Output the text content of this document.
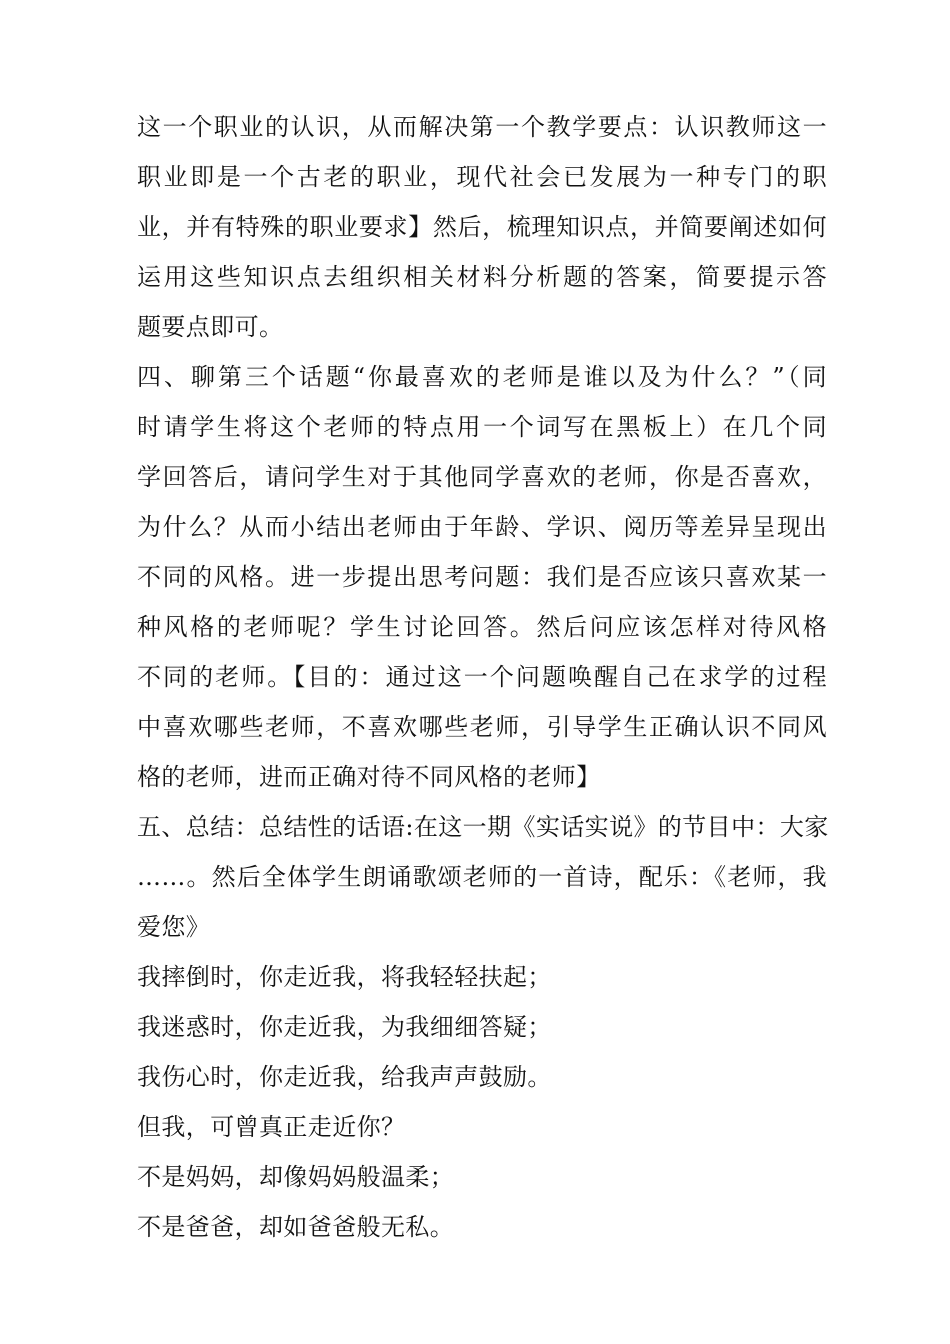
这一个职业的认识，从而解决第一个教学要点：认识教师这一
职业即是一个古老的职业，现代社会已发展为一种专门的职
业，并有特殊的职业要求】然后，梳理知识点，并简要阐述如何
运用这些知识点去组织相关材料分析题的答案，简要提示答
题要点即可。
四、聊第三个话题“你最喜欢的老师是谁以及为什么？”（同
时请学生将这个老师的特点用一个词写在黑板上）在几个同
学回答后，请问学生对于其他同学喜欢的老师，你是否喜欢，
为什么？从而小结出老师由于年龄、学识、阅历等差异呈现出
不同的风格。进一步提出思考问题：我们是否应该只喜欢某一
种风格的老师呢？学生讨论回答。然后问应该怎样对待风格
不同的老师。【目的：通过这一个问题唤醒自己在求学的过程
中喜欢哪些老师，不喜欢哪些老师，引导学生正确认识不同风
格的老师，进而正确对待不同风格的老师】
五、总结：总结性的话语:在这一期《实话实说》的节目中：大家
……。然后全体学生朗诵歌颂老师的一首诗，配乐：《老师，我
爱您》
我摔倒时，你走近我，将我轻轻扶起；
我迷惑时，你走近我，为我细细答疑；
我伤心时，你走近我，给我声声鼓励。
但我，可曾真正走近你？
不是妈妈，却像妈妈般温柔；
不是爸爸，却如爸爸般无私。
